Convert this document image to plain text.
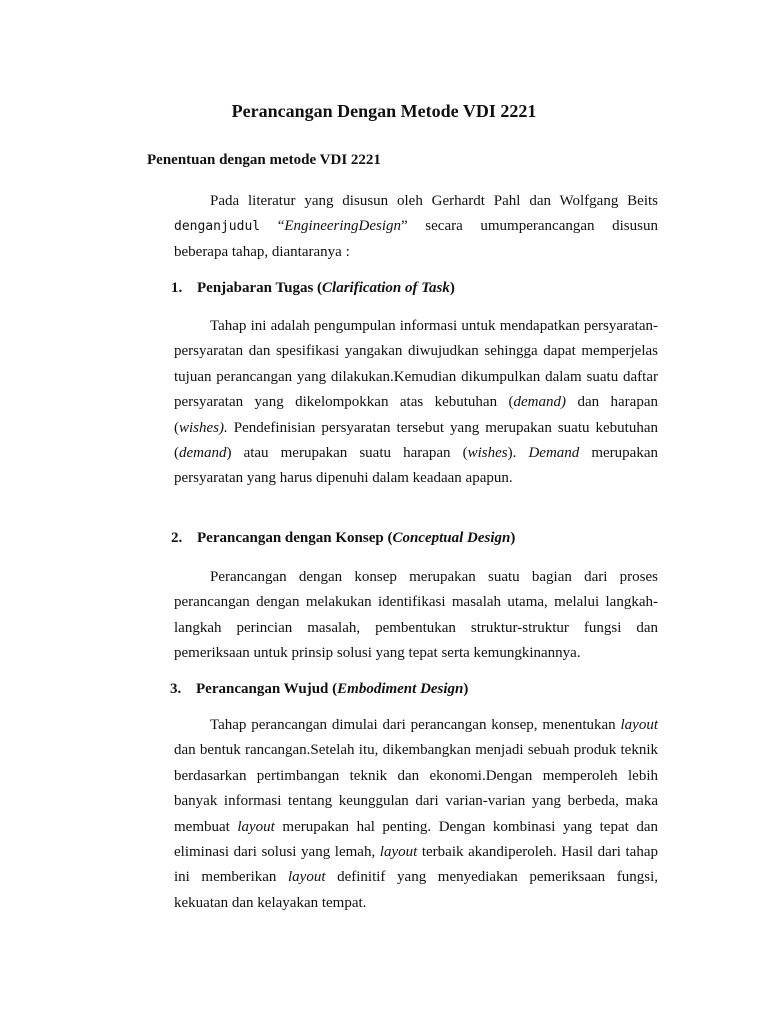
Perancangan Dengan Metode VDI 2221
Penentuan dengan metode VDI 2221
Pada literatur yang disusun oleh Gerhardt Pahl dan Wolfgang Beits denganjudul “EngineeringDesign” secara umumperancangan disusun beberapa tahap, diantaranya :
1. Penjabaran Tugas (Clarification of Task)
Tahap ini adalah pengumpulan informasi untuk mendapatkan persyaratan-persyaratan dan spesifikasi yangakan diwujudkan sehingga dapat memperjelas tujuan perancangan yang dilakukan.Kemudian dikumpulkan dalam suatu daftar persyaratan yang dikelompokkan atas kebutuhan (demand) dan harapan (wishes). Pendefinisian persyaratan tersebut yang merupakan suatu kebutuhan (demand) atau merupakan suatu harapan (wishes). Demand merupakan persyaratan yang harus dipenuhi dalam keadaan apapun.
2. Perancangan dengan Konsep (Conceptual Design)
Perancangan dengan konsep merupakan suatu bagian dari proses perancangan dengan melakukan identifikasi masalah utama, melalui langkah-langkah perincian masalah, pembentukan struktur-struktur fungsi dan pemeriksaan untuk prinsip solusi yang tepat serta kemungkinannya.
3. Perancangan Wujud (Embodiment Design)
Tahap perancangan dimulai dari perancangan konsep, menentukan layout dan bentuk rancangan.Setelah itu, dikembangkan menjadi sebuah produk teknik berdasarkan pertimbangan teknik dan ekonomi.Dengan memperoleh lebih banyak informasi tentang keunggulan dari varian-varian yang berbeda, maka membuat layout merupakan hal penting. Dengan kombinasi yang tepat dan eliminasi dari solusi yang lemah, layout terbaik akandiperoleh. Hasil dari tahap ini memberikan layout definitif yang menyediakan pemeriksaan fungsi, kekuatan dan kelayakan tempat.
